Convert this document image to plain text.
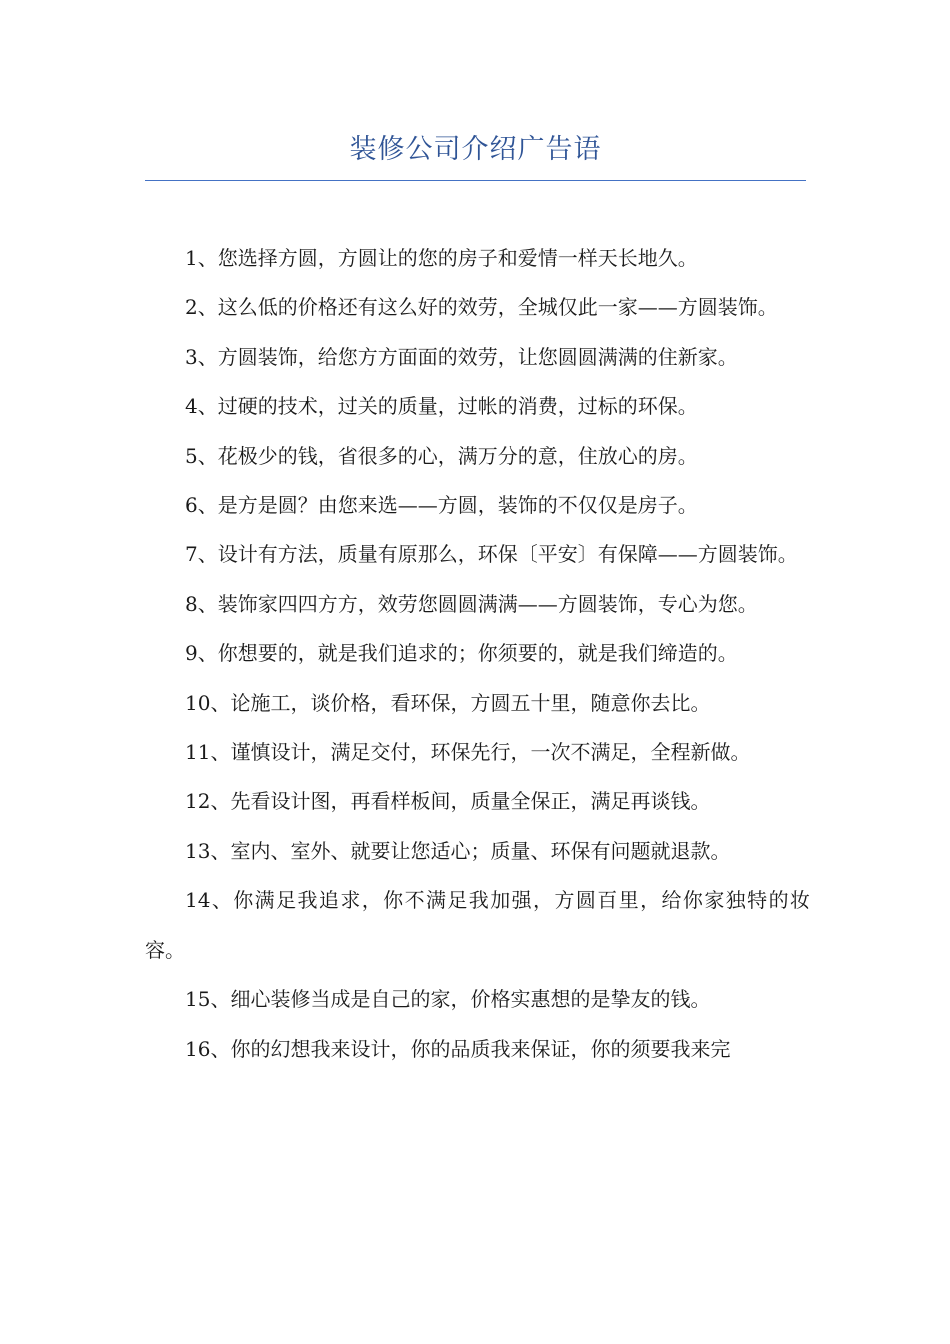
装修公司介绍广告语

1、您选择方圆，方圆让的您的房子和爱情一样天长地久。

2、这么低的价格还有这么好的效劳，全城仅此一家——方圆装饰。

3、方圆装饰，给您方方面面的效劳，让您圆圆满满的住新家。

4、过硬的技术，过关的质量，过帐的消费，过标的环保。

5、花极少的钱，省很多的心，满万分的意，住放心的房。

6、是方是圆？由您来选——方圆，装饰的不仅仅是房子。

7、设计有方法，质量有原那么，环保〔平安〕有保障——方圆装饰。

8、装饰家四四方方，效劳您圆圆满满——方圆装饰，专心为您。

9、你想要的，就是我们追求的；你须要的，就是我们缔造的。

10、论施工，谈价格，看环保，方圆五十里，随意你去比。

11、谨慎设计，满足交付，环保先行，一次不满足，全程新做。

12、先看设计图，再看样板间，质量全保正，满足再谈钱。

13、室内、室外、就要让您适心；质量、环保有问题就退款。

14、你满足我追求，你不满足我加强，方圆百里，给你家独特的妆容。

15、细心装修当成是自己的家，价格实惠想的是挚友的钱。

16、你的幻想我来设计，你的品质我来保证，你的须要我来完
